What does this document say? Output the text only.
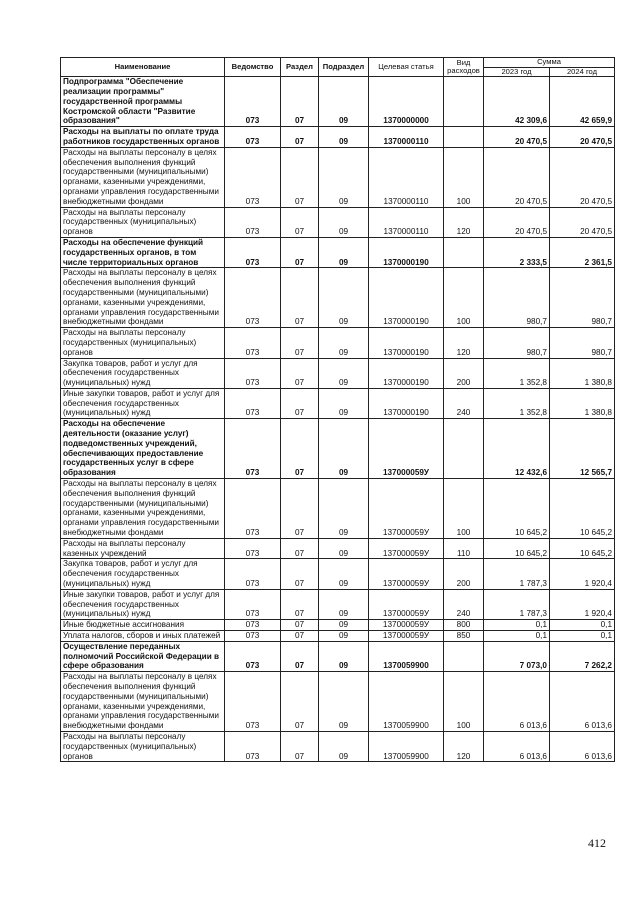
Наименование	Ведомство	Раздел	Подраздел	Целевая статья	Вид расходов	Сумма	
						2023 год	2024 год
Подпрограмма "Обеспечение реализации программы" государственной программы Костромской области "Развитие образования"	073	07	09	1370000000		42 309,6	42 659,9
Расходы на выплаты по оплате труда работников государственных органов	073	07	09	1370000110		20 470,5	20 470,5
Расходы на выплаты персоналу в целях обеспечения выполнения функций государственными (муниципальными) органами, казенными учреждениями, органами управления государственными внебюджетными фондами	073	07	09	1370000110	100	20 470,5	20 470,5
Расходы на выплаты персоналу государственных (муниципальных) органов	073	07	09	1370000110	120	20 470,5	20 470,5
Расходы на обеспечение функций государственных органов, в том числе территориальных органов	073	07	09	1370000190		2 333,5	2 361,5
Расходы на выплаты персоналу в целях обеспечения выполнения функций государственными (муниципальными) органами, казенными учреждениями, органами управления государственными внебюджетными фондами	073	07	09	1370000190	100	980,7	980,7
Расходы на выплаты персоналу государственных (муниципальных) органов	073	07	09	1370000190	120	980,7	980,7
Закупка товаров, работ и услуг для обеспечения государственных (муниципальных) нужд	073	07	09	1370000190	200	1 352,8	1 380,8
Иные закупки товаров, работ и услуг для обеспечения государственных (муниципальных) нужд	073	07	09	1370000190	240	1 352,8	1 380,8
Расходы на обеспечение деятельности (оказание услуг) подведомственных учреждений, обеспечивающих предоставление государственных услуг в сфере образования	073	07	09	137000059У		12 432,6	12 565,7
Расходы на выплаты персоналу в целях обеспечения выполнения функций государственными (муниципальными) органами, казенными учреждениями, органами управления государственными внебюджетными фондами	073	07	09	137000059У	100	10 645,2	10 645,2
Расходы на выплаты персоналу казенных учреждений	073	07	09	137000059У	110	10 645,2	10 645,2
Закупка товаров, работ и услуг для обеспечения государственных (муниципальных) нужд	073	07	09	137000059У	200	1 787,3	1 920,4
Иные закупки товаров, работ и услуг для обеспечения государственных (муниципальных) нужд	073	07	09	137000059У	240	1 787,3	1 920,4
Иные бюджетные ассигнования	073	07	09	137000059У	800	0,1	0,1
Уплата налогов, сборов и иных платежей	073	07	09	137000059У	850	0,1	0,1
Осуществление переданных полномочий Российской Федерации в сфере образования	073	07	09	1370059900		7 073,0	7 262,2
Расходы на выплаты персоналу в целях обеспечения выполнения функций государственными (муниципальными) органами, казенными учреждениями, органами управления государственными внебюджетными фондами	073	07	09	1370059900	100	6 013,6	6 013,6
Расходы на выплаты персоналу государственных (муниципальных) органов	073	07	09	1370059900	120	6 013,6	6 013,6
412
